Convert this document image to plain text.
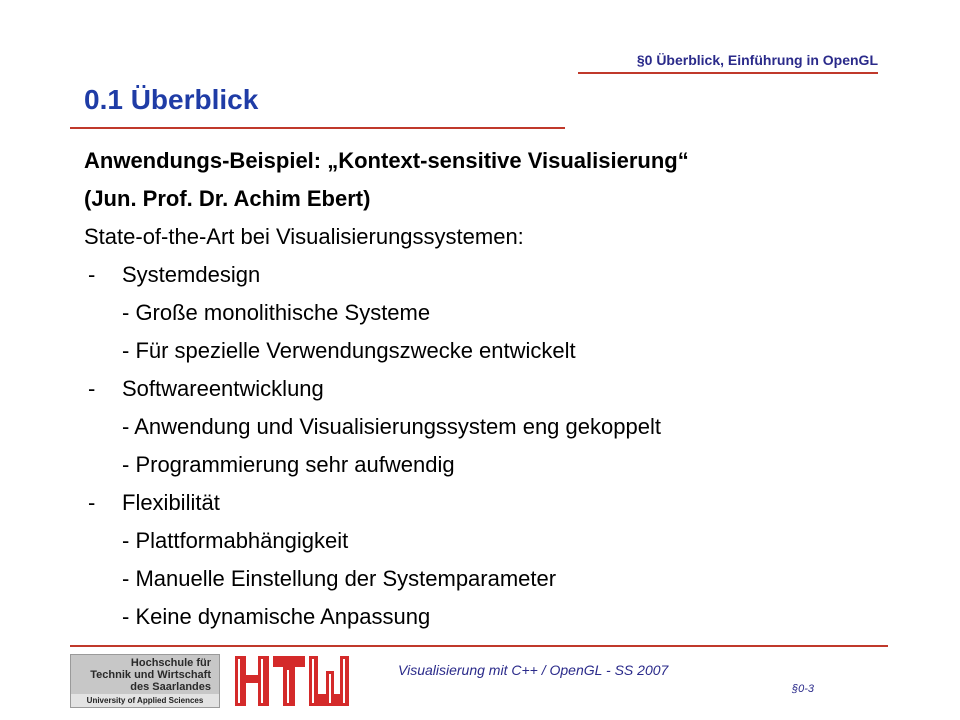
§0 Überblick, Einführung in OpenGL
0.1 Überblick
Anwendungs-Beispiel: „Kontext-sensitive Visualisierung“
(Jun. Prof. Dr. Achim Ebert)
State-of-the-Art bei Visualisierungssystemen:
- Systemdesign
- Große monolithische Systeme
- Für spezielle Verwendungszwecke entwickelt
- Softwareentwicklung
- Anwendung und Visualisierungssystem eng gekoppelt
- Programmierung sehr aufwendig
- Flexibilität
- Plattformabhängigkeit
- Manuelle Einstellung der Systemparameter
- Keine dynamische Anpassung
Hochschule für
Technik und Wirtschaft
des Saarlandes
University of Applied Sciences
Visualisierung mit C++ / OpenGL - SS 2007
§0-3
